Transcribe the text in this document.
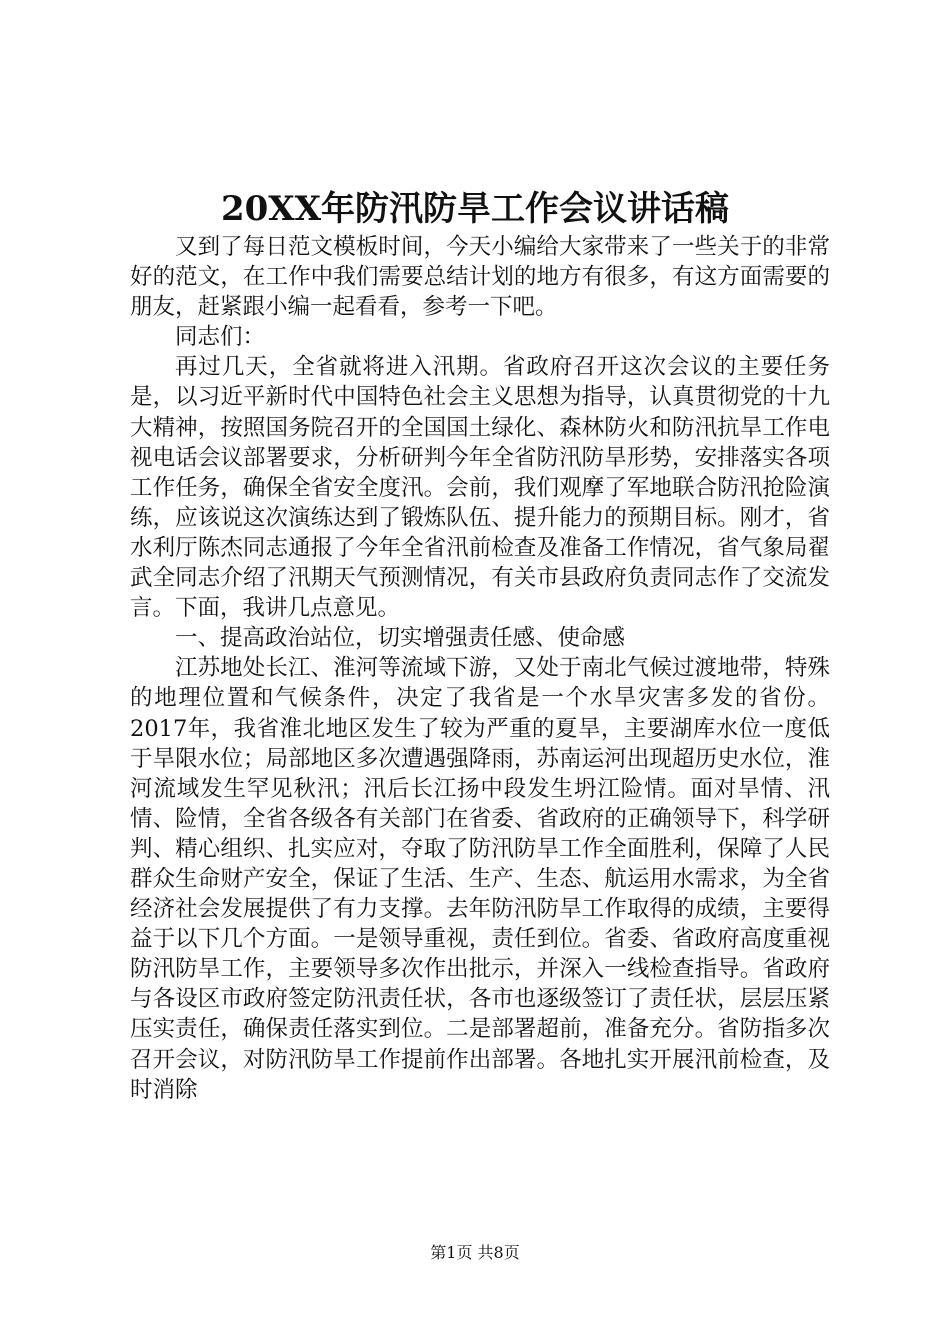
20XX年防汛防旱工作会议讲话稿

又到了每日范文模板时间，今天小编给大家带来了一些关于的非常好的范文，在工作中我们需要总结计划的地方有很多，有这方面需要的朋友，赶紧跟小编一起看看，参考一下吧。

同志们：

再过几天，全省就将进入汛期。省政府召开这次会议的主要任务是，以习近平新时代中国特色社会主义思想为指导，认真贯彻党的十九大精神，按照国务院召开的全国国土绿化、森林防火和防汛抗旱工作电视电话会议部署要求，分析研判今年全省防汛防旱形势，安排落实各项工作任务，确保全省安全度汛。会前，我们观摩了军地联合防汛抢险演练，应该说这次演练达到了锻炼队伍、提升能力的预期目标。刚才，省水利厅陈杰同志通报了今年全省汛前检查及准备工作情况，省气象局翟武全同志介绍了汛期天气预测情况，有关市县政府负责同志作了交流发言。下面，我讲几点意见。

一、提高政治站位，切实增强责任感、使命感

江苏地处长江、淮河等流域下游，又处于南北气候过渡地带，特殊的地理位置和气候条件，决定了我省是一个水旱灾害多发的省份。2017年，我省淮北地区发生了较为严重的夏旱，主要湖库水位一度低于旱限水位；局部地区多次遭遇强降雨，苏南运河出现超历史水位，淮河流域发生罕见秋汛；汛后长江扬中段发生坍江险情。面对旱情、汛情、险情，全省各级各有关部门在省委、省政府的正确领导下，科学研判、精心组织、扎实应对，夺取了防汛防旱工作全面胜利，保障了人民群众生命财产安全，保证了生活、生产、生态、航运用水需求，为全省经济社会发展提供了有力支撑。去年防汛防旱工作取得的成绩，主要得益于以下几个方面。一是领导重视，责任到位。省委、省政府高度重视防汛防旱工作，主要领导多次作出批示，并深入一线检查指导。省政府与各设区市政府签定防汛责任状，各市也逐级签订了责任状，层层压紧压实责任，确保责任落实到位。二是部署超前，准备充分。省防指多次召开会议，对防汛防旱工作提前作出部署。各地扎实开展汛前检查，及时消除

第1页 共8页
